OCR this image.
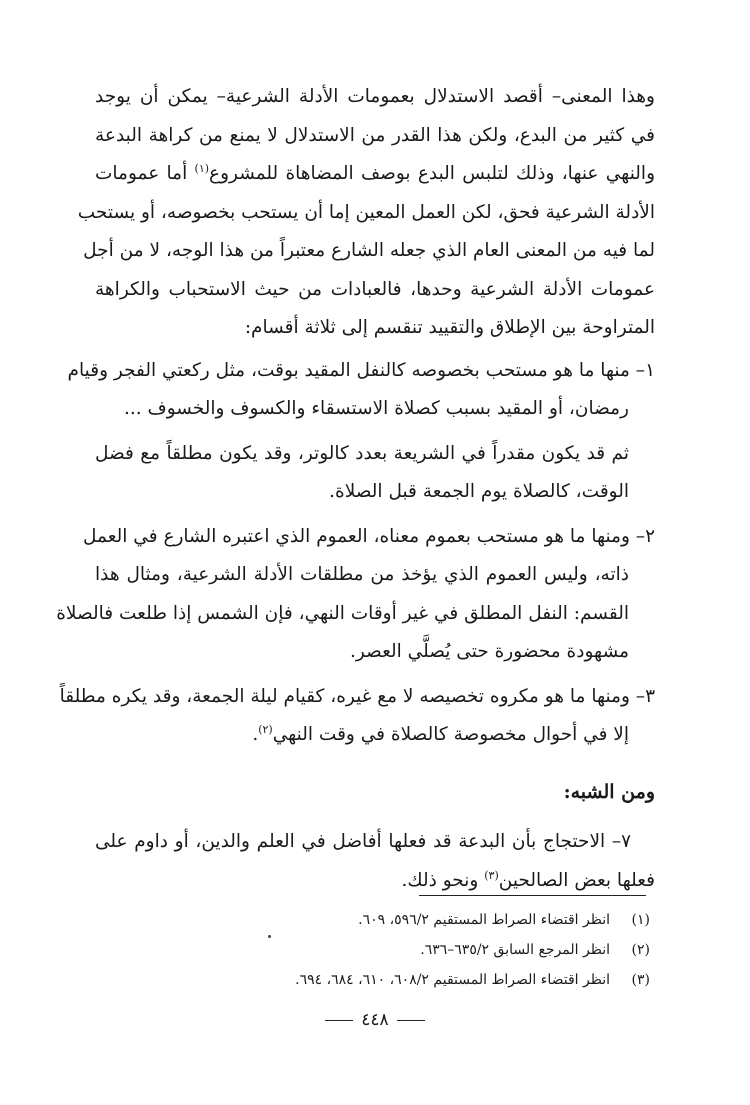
وهذا المعنى– أقصد الاستدلال بعمومات الأدلة الشرعية– يمكن أن يوجد
في كثير من البدع، ولكن هذا القدر من الاستدلال لا يمنع من كراهة البدعة
والنهي عنها، وذلك لتلبس البدع بوصف المضاهاة للمشروع$^{(١)}$ أما عمومات
الأدلة الشرعية فحق، لكن العمل المعين إما أن يستحب بخصوصه، أو يستحب
لما فيه من المعنى العام الذي جعله الشارع معتبراً من هذا الوجه، لا من أجل
عمومات الأدلة الشرعية وحدها، فالعبادات من حيث الاستحباب والكراهة
المتراوحة بين الإطلاق والتقييد تنقسم إلى ثلاثة أقسام:
١– منها ما هو مستحب بخصوصه كالنفل المقيد بوقت، مثل ركعتي الفجر وقيام
رمضان، أو المقيد بسبب كصلاة الاستسقاء والكسوف والخسوف ...
ثم قد يكون مقدراً في الشريعة بعدد كالوتر، وقد يكون مطلقاً مع فضل
الوقت، كالصلاة يوم الجمعة قبل الصلاة.
٢– ومنها ما هو مستحب بعموم معناه، العموم الذي اعتبره الشارع في العمل
ذاته، وليس العموم الذي يؤخذ من مطلقات الأدلة الشرعية، ومثال هذا
القسم: النفل المطلق في غير أوقات النهي، فإن الشمس إذا طلعت فالصلاة
مشهودة محضورة حتى يُصلَّي العصر.
٣– ومنها ما هو مكروه تخصيصه لا مع غيره، كقيام ليلة الجمعة، وقد يكره مطلقاً
إلا في أحوال مخصوصة كالصلاة في وقت النهي$^{(٢)}$.
ومن الشبه:
٧– الاحتجاج بأن البدعة قد فعلها أفاضل في العلم والدين، أو داوم على
فعلها بعض الصالحين$^{(٣)}$ ونحو ذلك.
(١)انظر اقتضاء الصراط المستقيم ٥٩٦/٢، ٦٠٩.
(٢)انظر المرجع السابق ٦٣٥/٢–٦٣٦.
(٣)انظر اقتضاء الصراط المستقيم ٦٠٨/٢، ٦١٠، ٦٨٤، ٦٩٤.
٤٤٨
